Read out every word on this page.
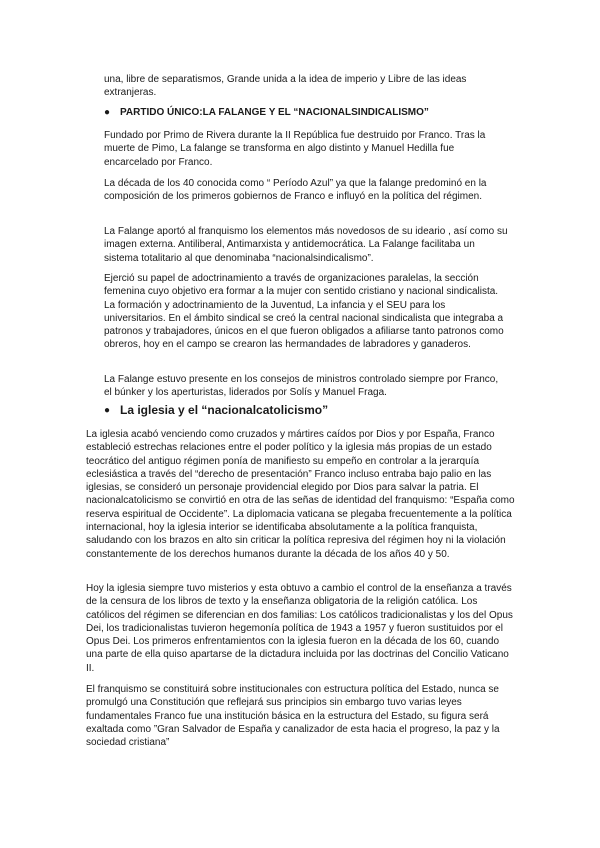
una, libre de separatismos, Grande unida a la idea de imperio y Libre de las ideas extranjeras.

● PARTIDO ÚNICO:LA FALANGE Y EL “NACIONALSINDICALISMO”

Fundado por Primo de Rivera durante la II República fue destruido por Franco. Tras la muerte de Pimo, La falange se transforma en algo distinto y Manuel Hedilla fue encarcelado por Franco.

La década de los 40 conocida como “ Período Azul” ya que la falange predominó en la composición de los primeros gobiernos de Franco e influyó en la política del régimen.

La Falange aportó al franquismo los elementos más novedosos de su ideario , así como su imagen externa. Antiliberal, Antimarxista y antidemocrática. La Falange facilitaba un sistema totalitario al que denominaba “nacionalsindicalismo”.

Ejerció su papel de adoctrinamiento a través de organizaciones paralelas, la sección femenina cuyo objetivo era formar a la mujer con sentido cristiano y nacional sindicalista. La formación y adoctrinamiento de la Juventud, La infancia y el SEU para los universitarios. En el ámbito sindical se creó la central nacional sindicalista que integraba a patronos y trabajadores, únicos en el que fueron obligados a afiliarse tanto patronos como obreros, hoy en el campo se crearon las hermandades de labradores y ganaderos.

La Falange estuvo presente en los consejos de ministros controlado siempre por Franco, el búnker y los aperturistas, liderados por Solís y Manuel Fraga.

● La iglesia y el “nacionalcatolicismo”

La iglesia acabó venciendo como cruzados y mártires caídos por Dios y por España, Franco estableció estrechas relaciones entre el poder político y la iglesia más propias de un estado teocrático del antiguo régimen ponía de manifiesto su empeño en controlar a la jerarquía eclesiástica a través del “derecho de presentación” Franco incluso entraba bajo palio en las iglesias, se consideró un personaje providencial elegido por Dios para salvar la patria. El nacionalcatolicismo se convirtió en otra de las señas de identidad del franquismo: “España como reserva espiritual de Occidente”. La diplomacia vaticana se plegaba frecuentemente a la política internacional, hoy la iglesia interior se identificaba absolutamente a la política franquista, saludando con los brazos en alto sin criticar la política represiva del régimen hoy ni la violación constantemente de los derechos humanos durante la década de los años 40 y 50.

Hoy la iglesia siempre tuvo misterios y esta obtuvo a cambio el control de la enseñanza a través de la censura de los libros de texto y la enseñanza obligatoria de la religión católica. Los católicos del régimen se diferencian en dos familias: Los católicos tradicionalistas y los del Opus Dei, los tradicionalistas tuvieron hegemonía política de 1943 a 1957 y fueron sustituidos por el Opus Dei. Los primeros enfrentamientos con la iglesia fueron en la década de los 60, cuando una parte de ella quiso apartarse de la dictadura incluida por las doctrinas del Concilio Vaticano II.

El franquismo se constituirá sobre institucionales con estructura política del Estado, nunca se promulgó una Constitución que reflejará sus principios sin embargo tuvo varias leyes fundamentales Franco fue una institución básica en la estructura del Estado, su figura será exaltada como ”Gran Salvador de España y canalizador de esta hacia el progreso, la paz y la sociedad cristiana”
